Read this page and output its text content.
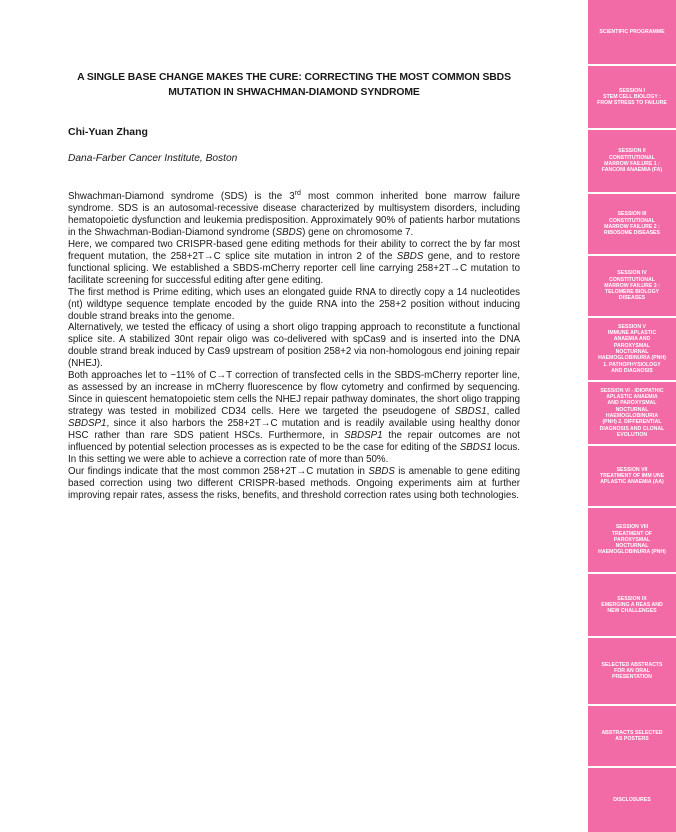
A SINGLE BASE CHANGE MAKES THE CURE: CORRECTING THE MOST COMMON SBDS
MUTATION IN SHWACHMAN-DIAMOND SYNDROME
Chi-Yuan Zhang
Dana-Farber Cancer Institute, Boston

Shwachman-Diamond syndrome (SDS) is the 3rd most common inherited bone marrow failure syndrome. SDS is an autosomal-recessive disease characterized by multisystem disorders, including hematopoietic dysfunction and leukemia predisposition. Approximately 90% of patients harbor mutations in the Shwachman-Bodian-Diamond syndrome (SBDS) gene on chromosome 7.

Here, we compared two CRISPR-based gene editing methods for their ability to correct the by far most frequent mutation, the 258+2T→C splice site mutation in intron 2 of the SBDS gene, and to restore functional splicing. We established a SBDS-mCherry reporter cell line carrying 258+2T→C mutation to facilitate screening for successful editing after gene editing.

The first method is Prime editing, which uses an elongated guide RNA to directly copy a 14 nucleotides (nt) wildtype sequence template encoded by the guide RNA into the 258+2 position without inducing double strand breaks into the genome.

Alternatively, we tested the efficacy of using a short oligo trapping approach to reconstitute a functional splice site. A stabilized 30nt repair oligo was co-delivered with spCas9 and is inserted into the DNA double strand break induced by Cas9 upstream of position 258+2 via non-homologous end joining repair (NHEJ).

Both approaches let to ~11% of C→T correction of transfected cells in the SBDS-mCherry reporter line, as assessed by an increase in mCherry fluorescence by flow cytometry and confirmed by sequencing. Since in quiescent hematopoietic stem cells the NHEJ repair pathway dominates, the short oligo trapping strategy was tested in mobilized CD34 cells. Here we targeted the pseudogene of SBDS1, called SBDSP1, since it also harbors the 258+2T→C mutation and is readily available using healthy donor HSC rather than rare SDS patient HSCs. Furthermore, in SBDSP1 the repair outcomes are not influenced by potential selection processes as is expected to be the case for editing of the SBDS1 locus. In this setting we were able to achieve a correction rate of more than 50%.

Our findings indicate that the most common 258+2T→C mutation in SBDS is amenable to gene editing based correction using two different CRISPR-based methods. Ongoing experiments aim at further improving repair rates, assess the risks, benefits, and threshold correction rates using both technologies.

SCIENTIFIC PROGRAMME
SESSION I
STEM CELL BIOLOGY :
FROM STRESS TO FAILURE
SESSION II
CONSTITUTIONAL
MARROW FAILURE 1 :
FANCONI ANAEMIA (FA)
SESSION III
CONSTITUTIONAL
MARROW FAILURE 2 :
RIBOSOME DISEASES
SESSION IV
CONSTITUTIONAL
MARROW FAILURE 3 :
TELOMERE BIOLOGY
DISEASES
SESSION V
IMMUNE APLASTIC
ANAEMIA AND
PAROXYSMAL
NOCTURNAL
HAEMOGLOBINURIA (PNH)
1. PATHOPHYSIOLOGY
AND DIAGNOSIS
SESSION VI - IDIOPATHIC
APLASTIC ANAEMIA
AND PAROXYSMAL
NOCTURNAL
HAEMOGLOBINURIA
(PNH) 2. DIFFERENTIAL
DIAGNOSIS AND CLONAL
EVOLUTION
SESSION VII
TREATMENT OF IMM UNE
APLASTIC ANAEMIA (AA)
SESSION VIII
TREATMENT OF
PAROXYSMAL
NOCTURNAL
HAEMOGLOBINURIA (PNH)
SESSION IX
EMERGING A REAS AND
NEW CHALLENGES
SELECTED ABSTRACTS
FOR AN ORAL
PRESENTATION
ABSTRACTS SELECTED
AS POSTERS
DISCLOSURES
